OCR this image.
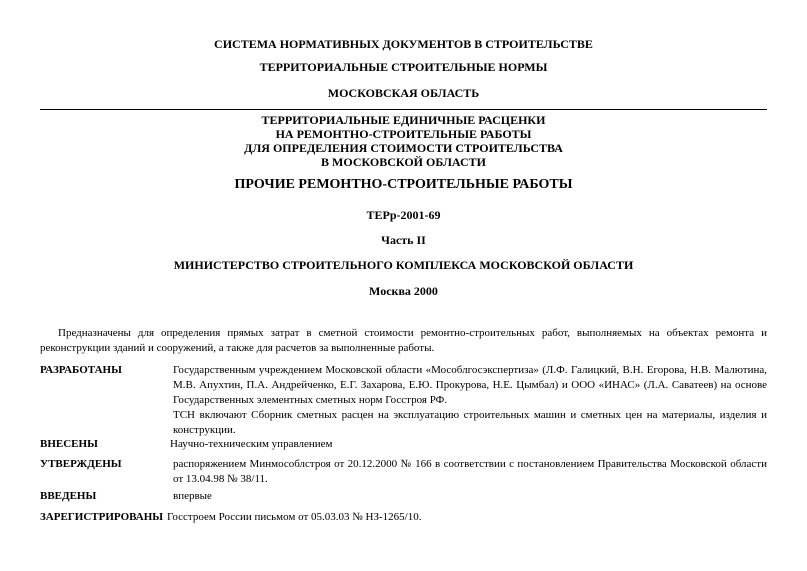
СИСТЕМА НОРМАТИВНЫХ ДОКУМЕНТОВ В СТРОИТЕЛЬСТВЕ
ТЕРРИТОРИАЛЬНЫЕ СТРОИТЕЛЬНЫЕ НОРМЫ
МОСКОВСКАЯ ОБЛАСТЬ
ТЕРРИТОРИАЛЬНЫЕ ЕДИНИЧНЫЕ РАСЦЕНКИ
НА РЕМОНТНО-СТРОИТЕЛЬНЫЕ РАБОТЫ
ДЛЯ ОПРЕДЕЛЕНИЯ СТОИМОСТИ СТРОИТЕЛЬСТВА
В МОСКОВСКОЙ ОБЛАСТИ
ПРОЧИЕ РЕМОНТНО-СТРОИТЕЛЬНЫЕ РАБОТЫ
ТЕРр-2001-69
Часть II
МИНИСТЕРСТВО СТРОИТЕЛЬНОГО КОМПЛЕКСА МОСКОВСКОЙ ОБЛАСТИ
Москва 2000
Предназначены для определения прямых затрат в сметной стоимости ремонтно-строительных работ, выполняемых на объектах ремонта и реконструкции зданий и сооружений, а также для расчетов за выполненные работы.
РАЗРАБОТАНЫ	Государственным учреждением Московской области «Мособлгосэкспертиза» (Л.Ф. Галицкий, В.Н. Егорова, Н.В. Малютина,
М.В. Апухтин, П.А. Андрейченко, Е.Г. Захарова, Е.Ю. Прокурова, Н.Е. Цымбал) и ООО «ИНАС» (Л.А. Саватеев) на основе
Государственных элементных сметных норм Госстроя РФ.
ТСН включают Сборник сметных расцен на эксплуатацию строительных машин и сметных цен на материалы, изделия и
конструкции.
ВНЕСЕНЫ	Научно-техническим управлением
УТВЕРЖДЕНЫ	распоряжением Минмособлстроя от 20.12.2000 № 166 в соответствии с постановлением Правительства Московской области
от 13.04.98 № 38/11.
ВВЕДЕНЫ	впервые
ЗАРЕГИСТРИРОВАНЫ Госстроем России письмом от 05.03.03 № НЗ-1265/10.
